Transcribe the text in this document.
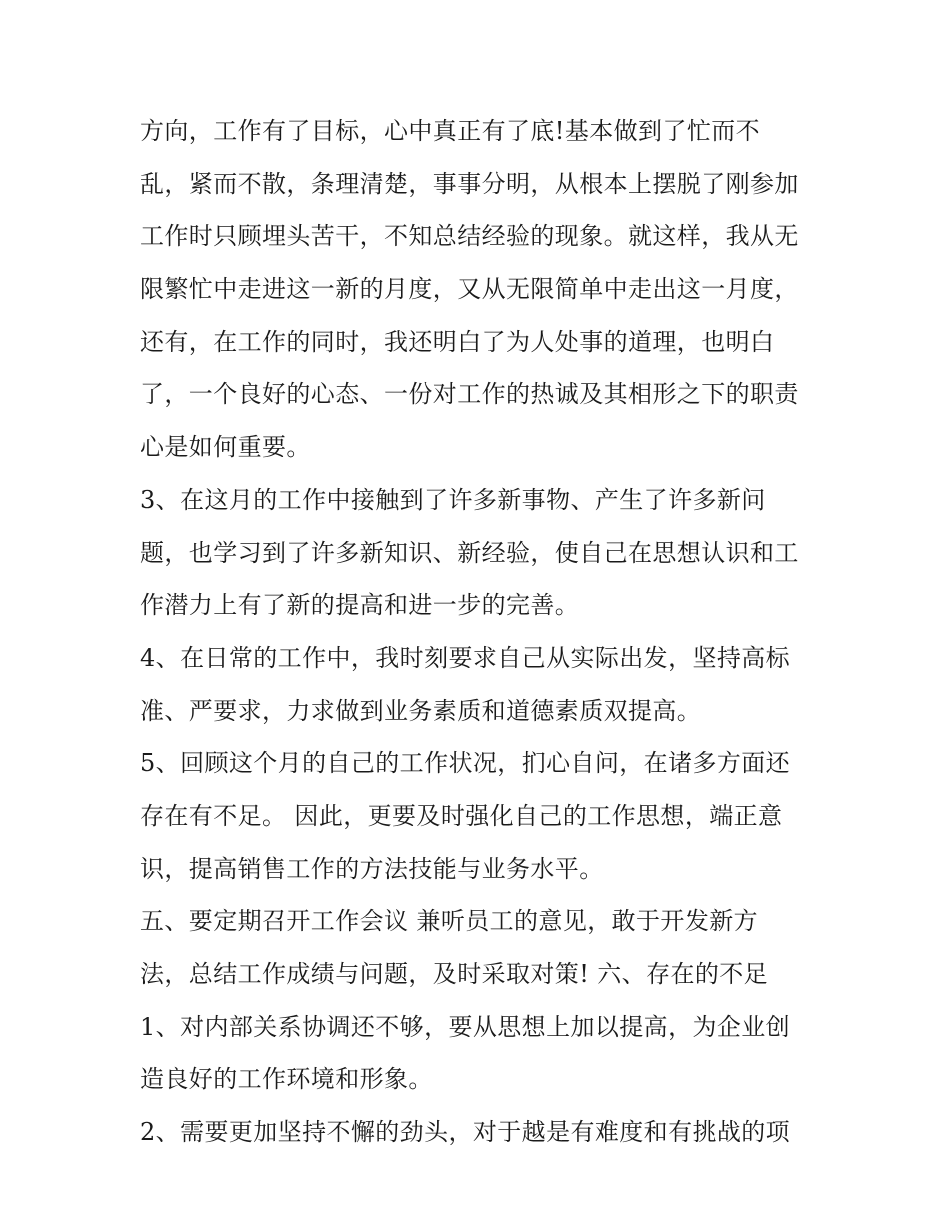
方向，工作有了目标，心中真正有了底!基本做到了忙而不
乱，紧而不散，条理清楚，事事分明，从根本上摆脱了刚参加
工作时只顾埋头苦干，不知总结经验的现象。就这样，我从无
限繁忙中走进这一新的月度，又从无限简单中走出这一月度，
还有，在工作的同时，我还明白了为人处事的道理，也明白
了，一个良好的心态、一份对工作的热诚及其相形之下的职责
心是如何重要。
3、在这月的工作中接触到了许多新事物、产生了许多新问
题，也学习到了许多新知识、新经验，使自己在思想认识和工
作潜力上有了新的提高和进一步的完善。
4、在日常的工作中，我时刻要求自己从实际出发，坚持高标
准、严要求，力求做到业务素质和道德素质双提高。
5、回顾这个月的自己的工作状况，扪心自问，在诸多方面还
存在有不足。 因此，更要及时强化自己的工作思想，端正意
识，提高销售工作的方法技能与业务水平。
五、要定期召开工作会议 兼听员工的意见，敢于开发新方
法，总结工作成绩与问题，及时采取对策! 六、存在的不足
1、对内部关系协调还不够，要从思想上加以提高，为企业创
造良好的工作环境和形象。
2、需要更加坚持不懈的劲头，对于越是有难度和有挑战的项
